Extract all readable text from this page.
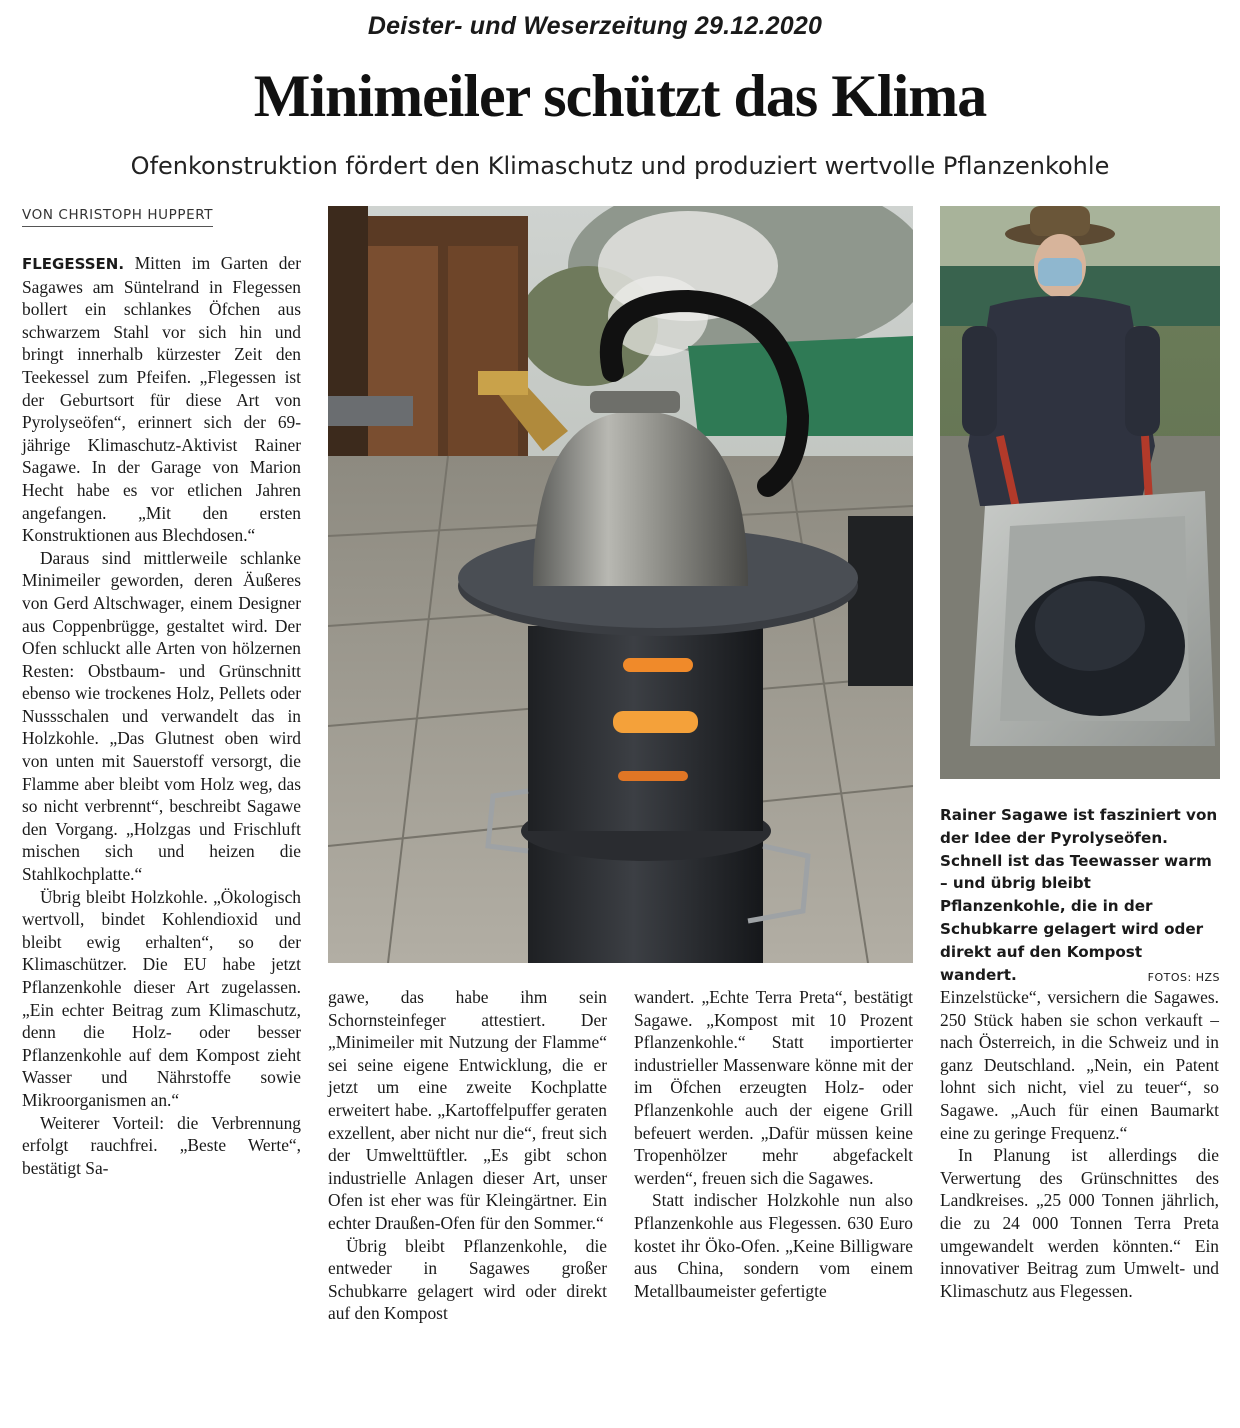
Deister- und Weserzeitung 29.12.2020
Minimeiler schützt das Klima
Ofenkonstruktion fördert den Klimaschutz und produziert wertvolle Pflanzenkohle
VON CHRISTOPH HUPPERT

FLEGESSEN. Mitten im Garten der Sagawes am Süntelrand in Flegessen bollert ein schlankes Öfchen aus schwarzem Stahl vor sich hin und bringt innerhalb kürzester Zeit den Teekessel zum Pfeifen. „Flegessen ist der Geburtsort für diese Art von Pyrolyseöfen“, erinnert sich der 69-jährige Klimaschutz-Aktivist Rainer Sagawe. In der Garage von Marion Hecht habe es vor etlichen Jahren angefangen. „Mit den ersten Konstruktionen aus Blechdosen.“

Daraus sind mittlerweile schlanke Minimeiler geworden, deren Äußeres von Gerd Altschwager, einem Designer aus Coppenbrügge, gestaltet wird. Der Ofen schluckt alle Arten von hölzernen Resten: Obstbaum- und Grünschnitt ebenso wie trockenes Holz, Pellets oder Nussschalen und verwandelt das in Holzkohle. „Das Glutnest oben wird von unten mit Sauerstoff versorgt, die Flamme aber bleibt vom Holz weg, das so nicht verbrennt“, beschreibt Sagawe den Vorgang. „Holzgas und Frischluft mischen sich und heizen die Stahlkochplatte.“

Übrig bleibt Holzkohle. „Ökologisch wertvoll, bindet Kohlendioxid und bleibt ewig erhalten“, so der Klimaschützer. Die EU habe jetzt Pflanzenkohle dieser Art zugelassen. „Ein echter Beitrag zum Klimaschutz, denn die Holz- oder besser Pflanzenkohle auf dem Kompost zieht Wasser und Nährstoffe sowie Mikroorganismen an.“

Weiterer Vorteil: die Verbrennung erfolgt rauchfrei. „Beste Werte“, bestätigt Sa-

Rainer Sagawe ist fasziniert von der Idee der Pyrolyseöfen. Schnell ist das Teewasser warm – und übrig bleibt Pflanzenkohle, die in der Schubkarre gelagert wird oder direkt auf den Kompost wandert.	FOTOS: HZS

gawe, das habe ihm sein Schornsteinfeger attestiert. Der „Minimeiler mit Nutzung der Flamme“ sei seine eigene Entwicklung, die er jetzt um eine zweite Kochplatte erweitert habe. „Kartoffelpuffer geraten exzellent, aber nicht nur die“, freut sich der Umwelttüftler. „Es gibt schon industrielle Anlagen dieser Art, unser Ofen ist eher was für Kleingärtner. Ein echter Draußen-Ofen für den Sommer.“

Übrig bleibt Pflanzenkohle, die entweder in Sagawes großer Schubkarre gelagert wird oder direkt auf den Kompost

wandert. „Echte Terra Preta“, bestätigt Sagawe. „Kompost mit 10 Prozent Pflanzenkohle.“ Statt importierter industrieller Massenware könne mit der im Öfchen erzeugten Holz- oder Pflanzenkohle auch der eigene Grill befeuert werden. „Dafür müssen keine Tropenhölzer mehr abgefackelt werden“, freuen sich die Sagawes.

Statt indischer Holzkohle nun also Pflanzenkohle aus Flegessen. 630 Euro kostet ihr Öko-Ofen. „Keine Billigware aus China, sondern vom einem Metallbaumeister gefertigte

Einzelstücke“, versichern die Sagawes. 250 Stück haben sie schon verkauft – nach Österreich, in die Schweiz und in ganz Deutschland. „Nein, ein Patent lohnt sich nicht, viel zu teuer“, so Sagawe. „Auch für einen Baumarkt eine zu geringe Frequenz.“

In Planung ist allerdings die Verwertung des Grünschnittes des Landkreises. „25 000 Tonnen jährlich, die zu 24 000 Tonnen Terra Preta umgewandelt werden könnten.“ Ein innovativer Beitrag zum Umwelt- und Klimaschutz aus Flegessen.
